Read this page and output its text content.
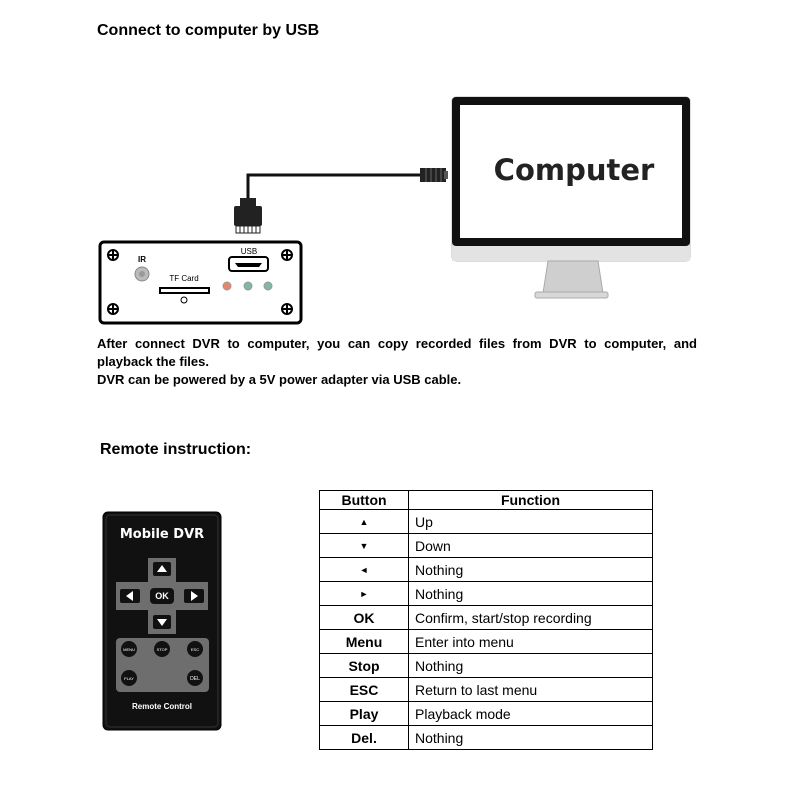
Connect to computer by USB
IR
TF Card
USB
Computer

After connect DVR to computer, you can copy recorded files from DVR to computer, and playback the files.

DVR can be powered by a 5V power adapter via USB cable.

Remote instruction:
Mobile DVR
OK
MENU	STOP	ESC
PLAY	DEL
Remote Control
Button	Function
▲	Up
▼	Down
◄	Nothing
►	Nothing
OK	Confirm, start/stop recording
Menu	Enter into menu
Stop	Nothing
ESC	Return to last menu
Play	Playback mode
Del.	Nothing
